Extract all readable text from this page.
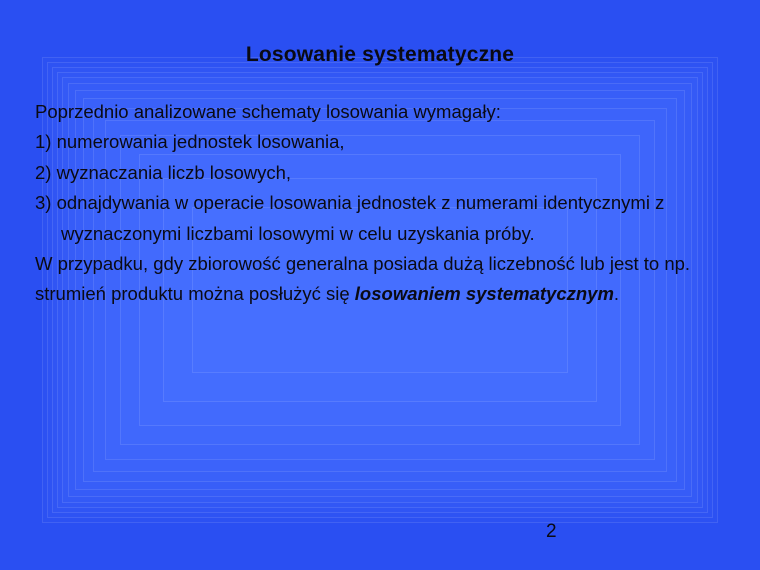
Losowanie systematyczne
Poprzednio analizowane schematy losowania wymagały:
1) numerowania jednostek losowania,
2) wyznaczania liczb losowych,
3) odnajdywania w operacie losowania jednostek z numerami identycznymi z
wyznaczonymi liczbami losowymi w celu uzyskania próby.
W przypadku, gdy zbiorowość generalna posiada dużą liczebność lub jest to np.
strumień produktu można posłużyć się losowaniem systematycznym.
2
